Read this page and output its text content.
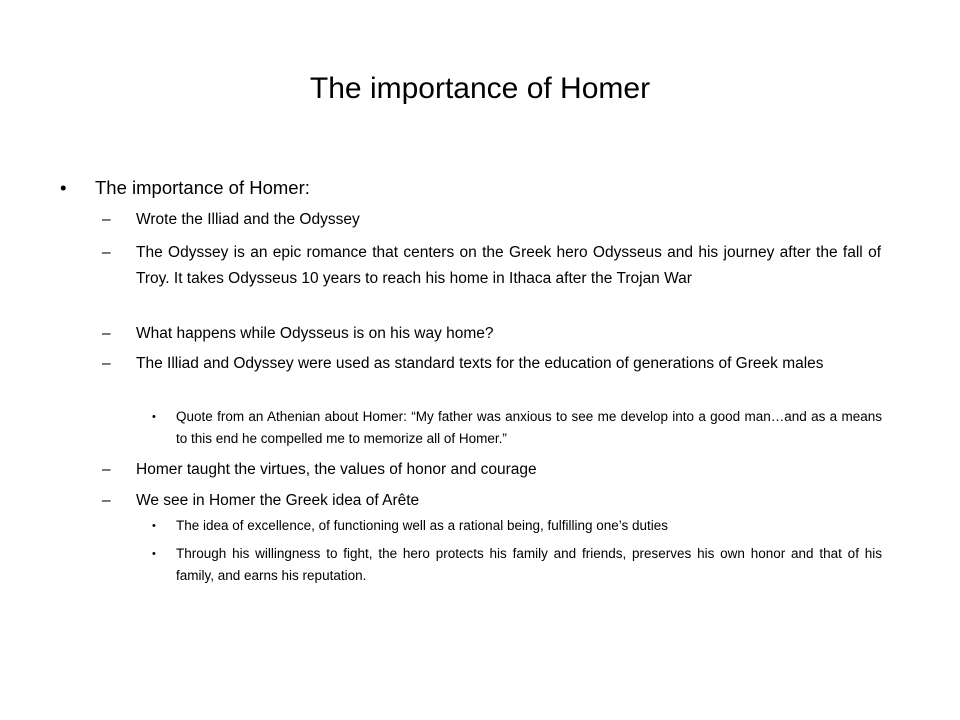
The importance of Homer
• The importance of Homer:
– Wrote the Illiad and the Odyssey
– The Odyssey is an epic romance that centers on the Greek hero Odysseus and his journey after the fall of Troy. It takes Odysseus 10 years to reach his home in Ithaca after the Trojan War
– What happens while Odysseus is on his way home?
– The Illiad and Odyssey were used as standard texts for the education of generations of Greek males
• Quote from an Athenian about Homer: “My father was anxious to see me develop into a good man…and as a means to this end he compelled me to memorize all of Homer.”
– Homer taught the virtues, the values of honor and courage
– We see in Homer the Greek idea of Arête
• The idea of excellence, of functioning well as a rational being, fulfilling one’s duties
• Through his willingness to fight, the hero protects his family and friends, preserves his own honor and that of his family, and earns his reputation.
